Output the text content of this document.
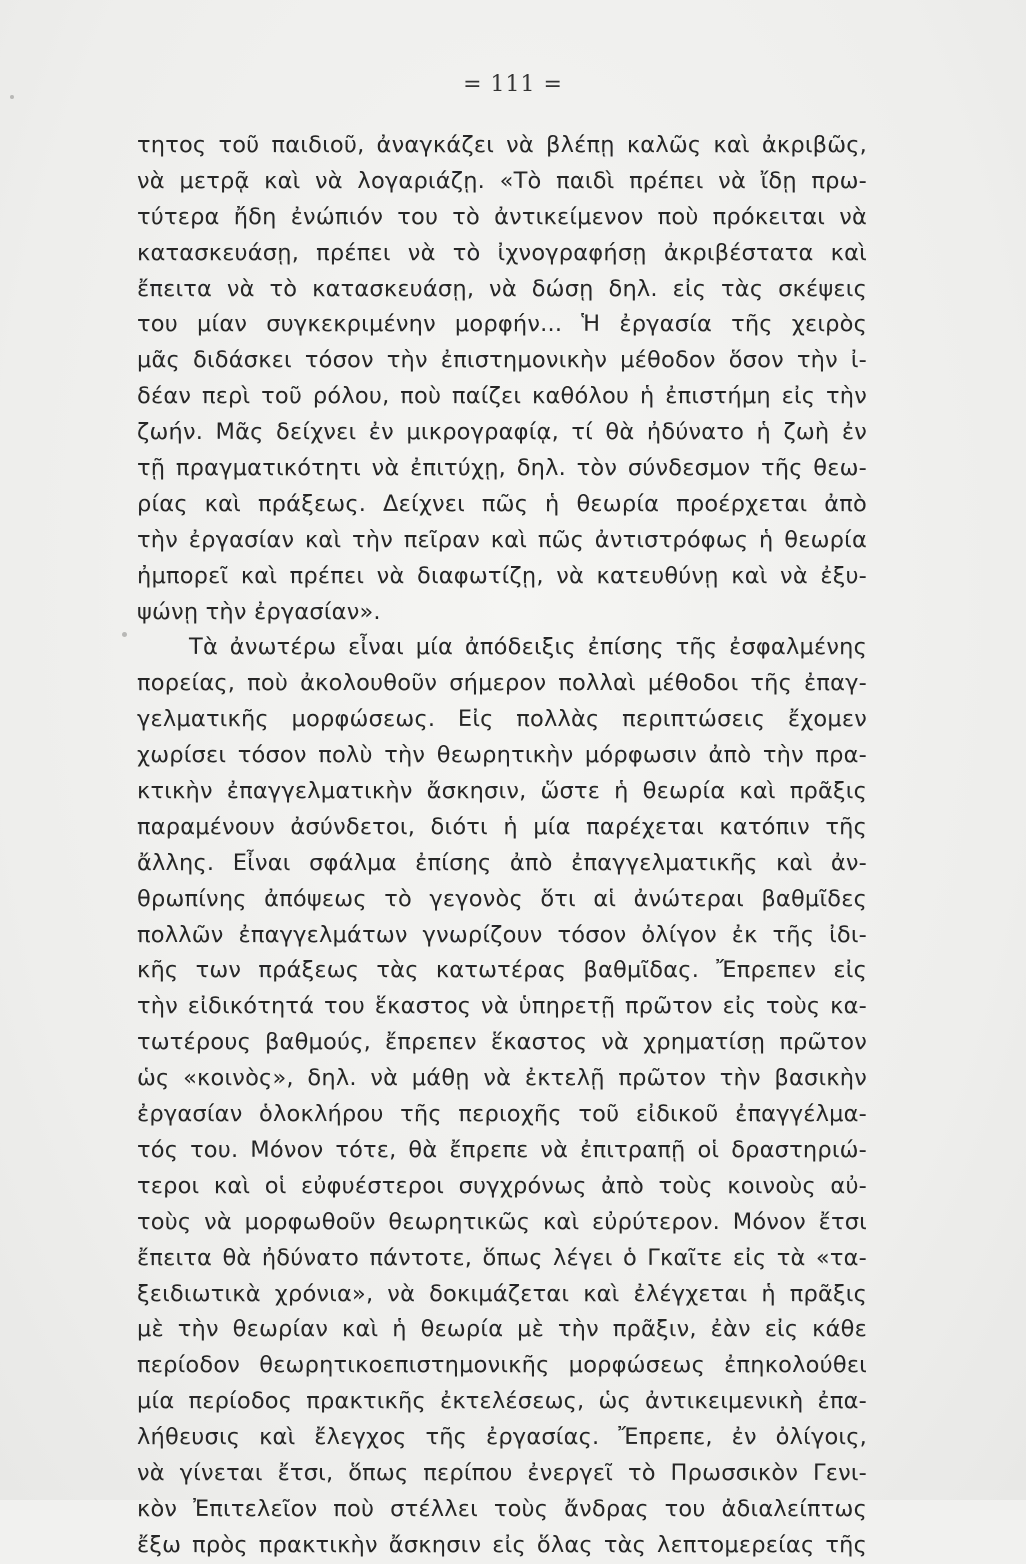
= 111 =
τητος τοῦ παιδιοῦ, ἀναγκάζει νὰ βλέπῃ καλῶς καὶ ἀκριβῶς,
νὰ μετρᾷ καὶ νὰ λογαριάζῃ. «Τὸ παιδὶ πρέπει νὰ ἴδῃ πρω-
τύτερα ἤδη ἐνώπιόν του τὸ ἀντικείμενον ποὺ πρόκειται νὰ
κατασκευάσῃ, πρέπει νὰ τὸ ἰχνογραφήσῃ ἀκριβέστατα καὶ
ἔπειτα νὰ τὸ κατασκευάσῃ, νὰ δώσῃ δηλ. εἰς τὰς σκέψεις
του μίαν συγκεκριμένην μορφήν... Ἡ ἐργασία τῆς χειρὸς
μᾶς διδάσκει τόσον τὴν ἐπιστημονικὴν μέθοδον ὅσον τὴν ἰ-
δέαν περὶ τοῦ ρόλου, ποὺ παίζει καθόλου ἡ ἐπιστήμη εἰς τὴν
ζωήν. Μᾶς δείχνει ἐν μικρογραφίᾳ, τί θὰ ἠδύνατο ἡ ζωὴ ἐν
τῇ πραγματικότητι νὰ ἐπιτύχῃ, δηλ. τὸν σύνδεσμον τῆς θεω-
ρίας καὶ πράξεως. Δείχνει πῶς ἡ θεωρία προέρχεται ἀπὸ
τὴν ἐργασίαν καὶ τὴν πεῖραν καὶ πῶς ἀντιστρόφως ἡ θεωρία
ἠμπορεῖ καὶ πρέπει νὰ διαφωτίζῃ, νὰ κατευθύνῃ καὶ νὰ ἐξυ-
ψώνῃ τὴν ἐργασίαν».
Τὰ ἀνωτέρω εἶναι μία ἀπόδειξις ἐπίσης τῆς ἐσφαλμένης
πορείας, ποὺ ἀκολουθοῦν σήμερον πολλαὶ μέθοδοι τῆς ἐπαγ-
γελματικῆς μορφώσεως. Εἰς πολλὰς περιπτώσεις ἔχομεν
χωρίσει τόσον πολὺ τὴν θεωρητικὴν μόρφωσιν ἀπὸ τὴν πρα-
κτικὴν ἐπαγγελματικὴν ἄσκησιν, ὥστε ἡ θεωρία καὶ πρᾶξις
παραμένουν ἀσύνδετοι, διότι ἡ μία παρέχεται κατόπιν τῆς
ἄλλης. Εἶναι σφάλμα ἐπίσης ἀπὸ ἐπαγγελματικῆς καὶ ἀν-
θρωπίνης ἀπόψεως τὸ γεγονὸς ὅτι αἱ ἀνώτεραι βαθμῖδες
πολλῶν ἐπαγγελμάτων γνωρίζουν τόσον ὀλίγον ἐκ τῆς ἰδι-
κῆς των πράξεως τὰς κατωτέρας βαθμῖδας. Ἔπρεπεν εἰς
τὴν εἰδικότητά του ἕκαστος νὰ ὑπηρετῇ πρῶτον εἰς τοὺς κα-
τωτέρους βαθμούς, ἔπρεπεν ἕκαστος νὰ χρηματίσῃ πρῶτον
ὡς «κοινὸς», δηλ. νὰ μάθῃ νὰ ἐκτελῇ πρῶτον τὴν βασικὴν
ἐργασίαν ὁλοκλήρου τῆς περιοχῆς τοῦ εἰδικοῦ ἐπαγγέλμα-
τός του. Μόνον τότε, θὰ ἔπρεπε νὰ ἐπιτραπῇ οἱ δραστηριώ-
τεροι καὶ οἱ εὐφυέστεροι συγχρόνως ἀπὸ τοὺς κοινοὺς αὐ-
τοὺς νὰ μορφωθοῦν θεωρητικῶς καὶ εὐρύτερον. Μόνον ἔτσι
ἔπειτα θὰ ἠδύνατο πάντοτε, ὅπως λέγει ὁ Γκαῖτε εἰς τὰ «τα-
ξειδιωτικὰ χρόνια», νὰ δοκιμάζεται καὶ ἐλέγχεται ἡ πρᾶξις
μὲ τὴν θεωρίαν καὶ ἡ θεωρία μὲ τὴν πρᾶξιν, ἐὰν εἰς κάθε
περίοδον θεωρητικοεπιστημονικῆς μορφώσεως ἐπηκολούθει
μία περίοδος πρακτικῆς ἐκτελέσεως, ὡς ἀντικειμενικὴ ἐπα-
λήθευσις καὶ ἔλεγχος τῆς ἐργασίας. Ἔπρεπε, ἐν ὀλίγοις,
νὰ γίνεται ἔτσι, ὅπως περίπου ἐνεργεῖ τὸ Πρωσσικὸν Γενι-
κὸν Ἐπιτελεῖον ποὺ στέλλει τοὺς ἄνδρας του ἀδιαλείπτως
ἔξω πρὸς πρακτικὴν ἄσκησιν εἰς ὅλας τὰς λεπτομερείας τῆς
